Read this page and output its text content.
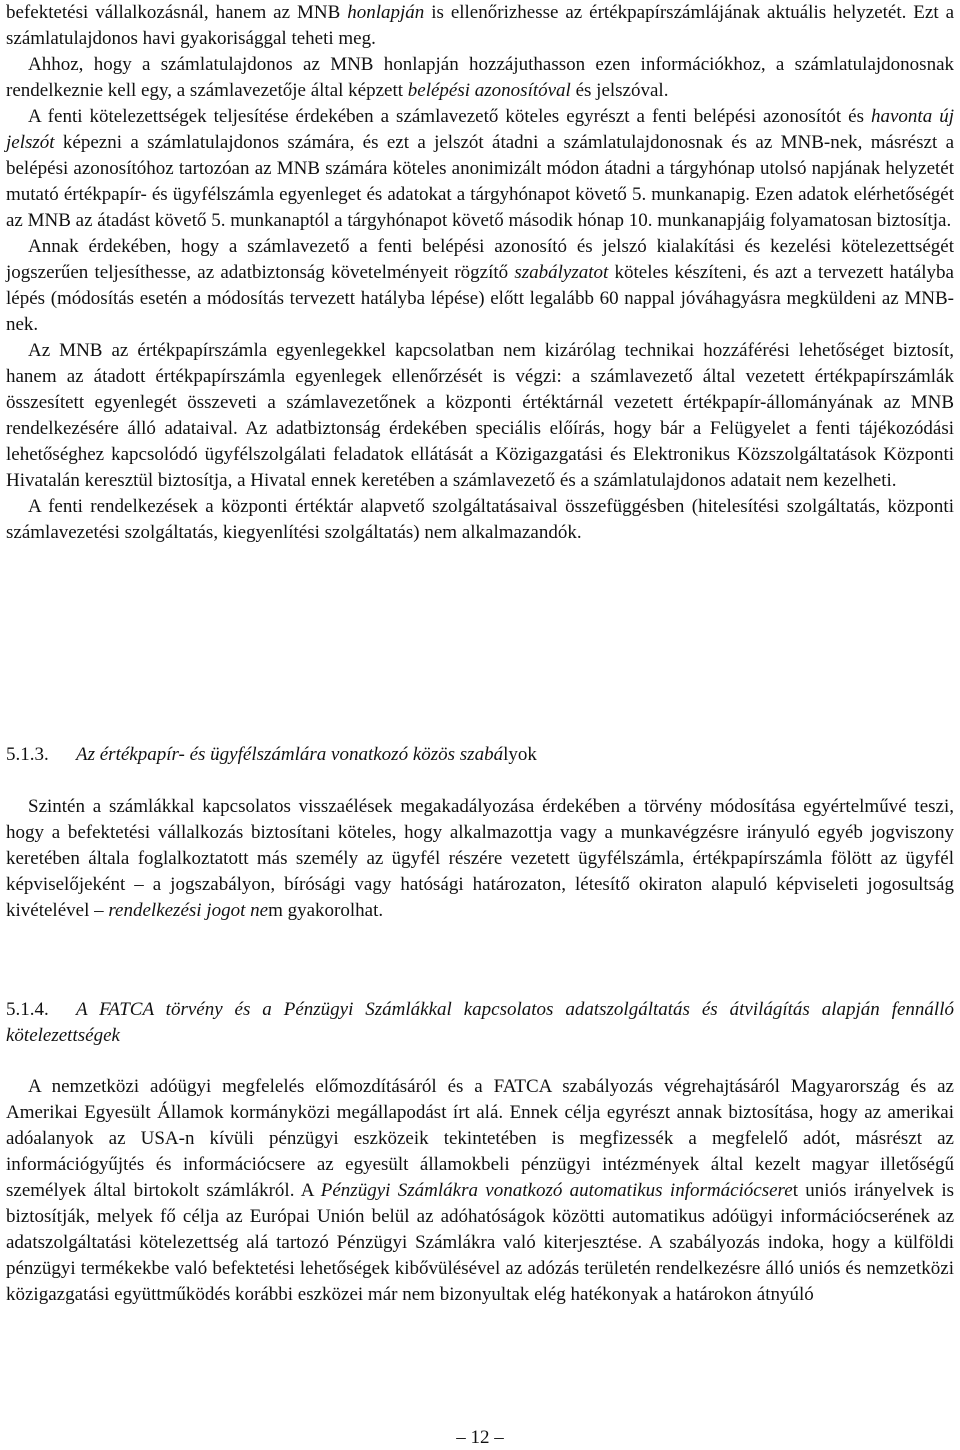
befektetési vállalkozásnál, hanem az MNB honlapján is ellenőrizhesse az értékpapírszámlájának aktuális helyzetét. Ezt a számlatulajdonos havi gyakorisággal teheti meg.

Ahhoz, hogy a számlatulajdonos az MNB honlapján hozzájuthasson ezen információkhoz, a számlatulajdonosnak rendelkeznie kell egy, a számlavezetője által képzett belépési azonosítóval és jelszóval.

A fenti kötelezettségek teljesítése érdekében a számlavezető köteles egyrészt a fenti belépési azonosítót és havonta új jelszót képezni a számlatulajdonos számára, és ezt a jelszót átadni a számlatulajdonosnak és az MNB-nek, másrészt a belépési azonosítóhoz tartozóan az MNB számára köteles anonimizált módon átadni a tárgyhónap utolsó napjának helyzetét mutató értékpapír- és ügyfélszámla egyenleget és adatokat a tárgyhónapot követő 5. munkanapig. Ezen adatok elérhetőségét az MNB az átadást követő 5. munkanaptól a tárgyhónapot követő második hónap 10. munkanapjáig folyamatosan biztosítja.

Annak érdekében, hogy a számlavezető a fenti belépési azonosító és jelszó kialakítási és kezelési kötelezettségét jogszerűen teljesíthesse, az adatbiztonság követelményeit rögzítő szabályzatot köteles készíteni, és azt a tervezett hatályba lépés (módosítás esetén a módosítás tervezett hatályba lépése) előtt legalább 60 nappal jóváhagyásra megküldeni az MNB-nek.

Az MNB az értékpapírszámla egyenlegekkel kapcsolatban nem kizárólag technikai hozzáférési lehetőséget biztosít, hanem az átadott értékpapírszámla egyenlegek ellenőrzését is végzi: a számlavezető által vezetett értékpapírszámlák összesített egyenlegét összeveti a számlavezetőnek a központi értéktárnál vezetett értékpapír-állományának az MNB rendelkezésére álló adataival. Az adatbiztonság érdekében speciális előírás, hogy bár a Felügyelet a fenti tájékozódási lehetőséghez kapcsolódó ügyfélszolgálati feladatok ellátását a Közigazgatási és Elektronikus Közszolgáltatások Központi Hivatalán keresztül biztosítja, a Hivatal ennek keretében a számlavezető és a számlatulajdonos adatait nem kezelheti.

A fenti rendelkezések a központi értéktár alapvető szolgáltatásaival összefüggésben (hitelesítési szolgáltatás, központi számlavezetési szolgáltatás, kiegyenlítési szolgáltatás) nem alkalmazandók.

5.1.3. Az értékpapír- és ügyfélszámlára vonatkozó közös szabályok

Szintén a számlákkal kapcsolatos visszaélések megakadályozása érdekében a törvény módosítása egyértelművé teszi, hogy a befektetési vállalkozás biztosítani köteles, hogy alkalmazottja vagy a munkavégzésre irányuló egyéb jogviszony keretében általa foglalkoztatott más személy az ügyfél részére vezetett ügyfélszámla, értékpapírszámla fölött az ügyfél képviselőjeként – a jogszabályon, bírósági vagy hatósági határozaton, létesítő okiraton alapuló képviseleti jogosultság kivételével – rendelkezési jogot nem gyakorolhat.

5.1.4. A FATCA törvény és a Pénzügyi Számlákkal kapcsolatos adatszolgáltatás és átvilágítás alapján fennálló kötelezettségek

A nemzetközi adóügyi megfelelés előmozdításáról és a FATCA szabályozás végrehajtásáról Magyarország és az Amerikai Egyesült Államok kormányközi megállapodást írt alá. Ennek célja egyrészt annak biztosítása, hogy az amerikai adóalanyok az USA-n kívüli pénzügyi eszközeik tekintetében is megfizessék a megfelelő adót, másrészt az információgyűjtés és információcsere az egyesült államokbeli pénzügyi intézmények által kezelt magyar illetőségű személyek által birtokolt számlákról. A Pénzügyi Számlákra vonatkozó automatikus információcseret uniós irányelvek is biztosítják, melyek fő célja az Európai Unión belül az adóhatóságok közötti automatikus adóügyi információcserének az adatszolgáltatási kötelezettség alá tartozó Pénzügyi Számlákra való kiterjesztése. A szabályozás indoka, hogy a külföldi pénzügyi termékekbe való befektetési lehetőségek kibővülésével az adózás területén rendelkezésre álló uniós és nemzetközi közigazgatási együttműködés korábbi eszközei már nem bizonyultak elég hatékonyak a határokon átnyúló

– 12 –
